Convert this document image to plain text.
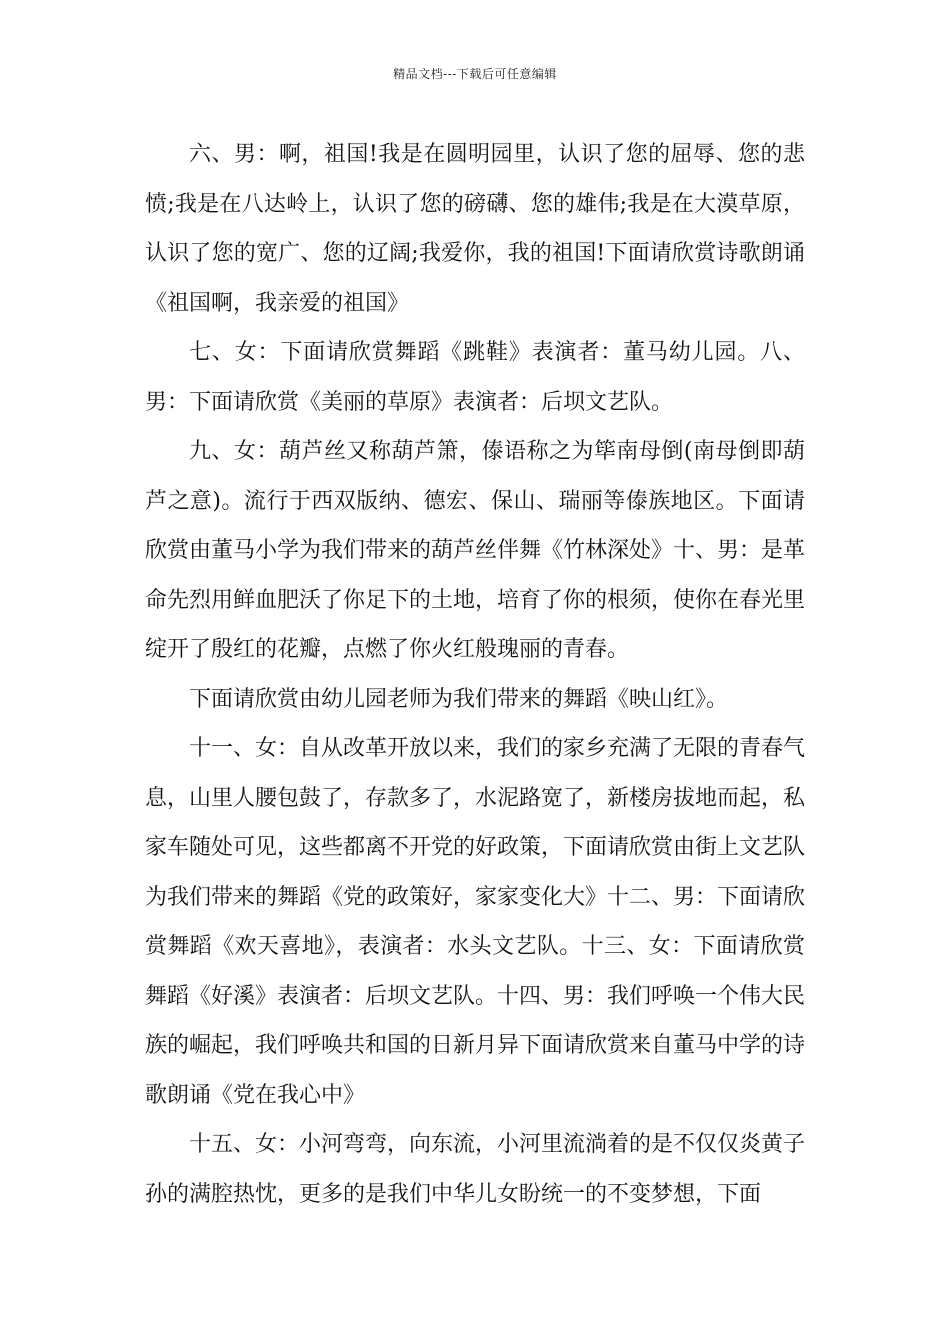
精品文档---下载后可任意编辑

六、男：啊，祖国!我是在圆明园里，认识了您的屈辱、您的悲愤;我是在八达岭上，认识了您的磅礴、您的雄伟;我是在大漠草原，认识了您的宽广、您的辽阔;我爱你，我的祖国!下面请欣赏诗歌朗诵《祖国啊，我亲爱的祖国》

七、女：下面请欣赏舞蹈《跳鞋》表演者：董马幼儿园。八、男：下面请欣赏《美丽的草原》表演者：后坝文艺队。

九、女：葫芦丝又称葫芦箫，傣语称之为筚南母倒(南母倒即葫芦之意)。流行于西双版纳、德宏、保山、瑞丽等傣族地区。下面请欣赏由董马小学为我们带来的葫芦丝伴舞《竹林深处》十、男：是革命先烈用鲜血肥沃了你足下的土地，培育了你的根须，使你在春光里绽开了殷红的花瓣，点燃了你火红般瑰丽的青春。

下面请欣赏由幼儿园老师为我们带来的舞蹈《映山红》。

十一、女：自从改革开放以来，我们的家乡充满了无限的青春气息，山里人腰包鼓了，存款多了，水泥路宽了，新楼房拔地而起，私家车随处可见，这些都离不开党的好政策，下面请欣赏由街上文艺队为我们带来的舞蹈《党的政策好，家家变化大》十二、男：下面请欣赏舞蹈《欢天喜地》，表演者：水头文艺队。十三、女：下面请欣赏舞蹈《好溪》表演者：后坝文艺队。十四、男：我们呼唤一个伟大民族的崛起，我们呼唤共和国的日新月异下面请欣赏来自董马中学的诗歌朗诵《党在我心中》

十五、女：小河弯弯，向东流，小河里流淌着的是不仅仅炎黄子孙的满腔热忱，更多的是我们中华儿女盼统一的不变梦想，下面
